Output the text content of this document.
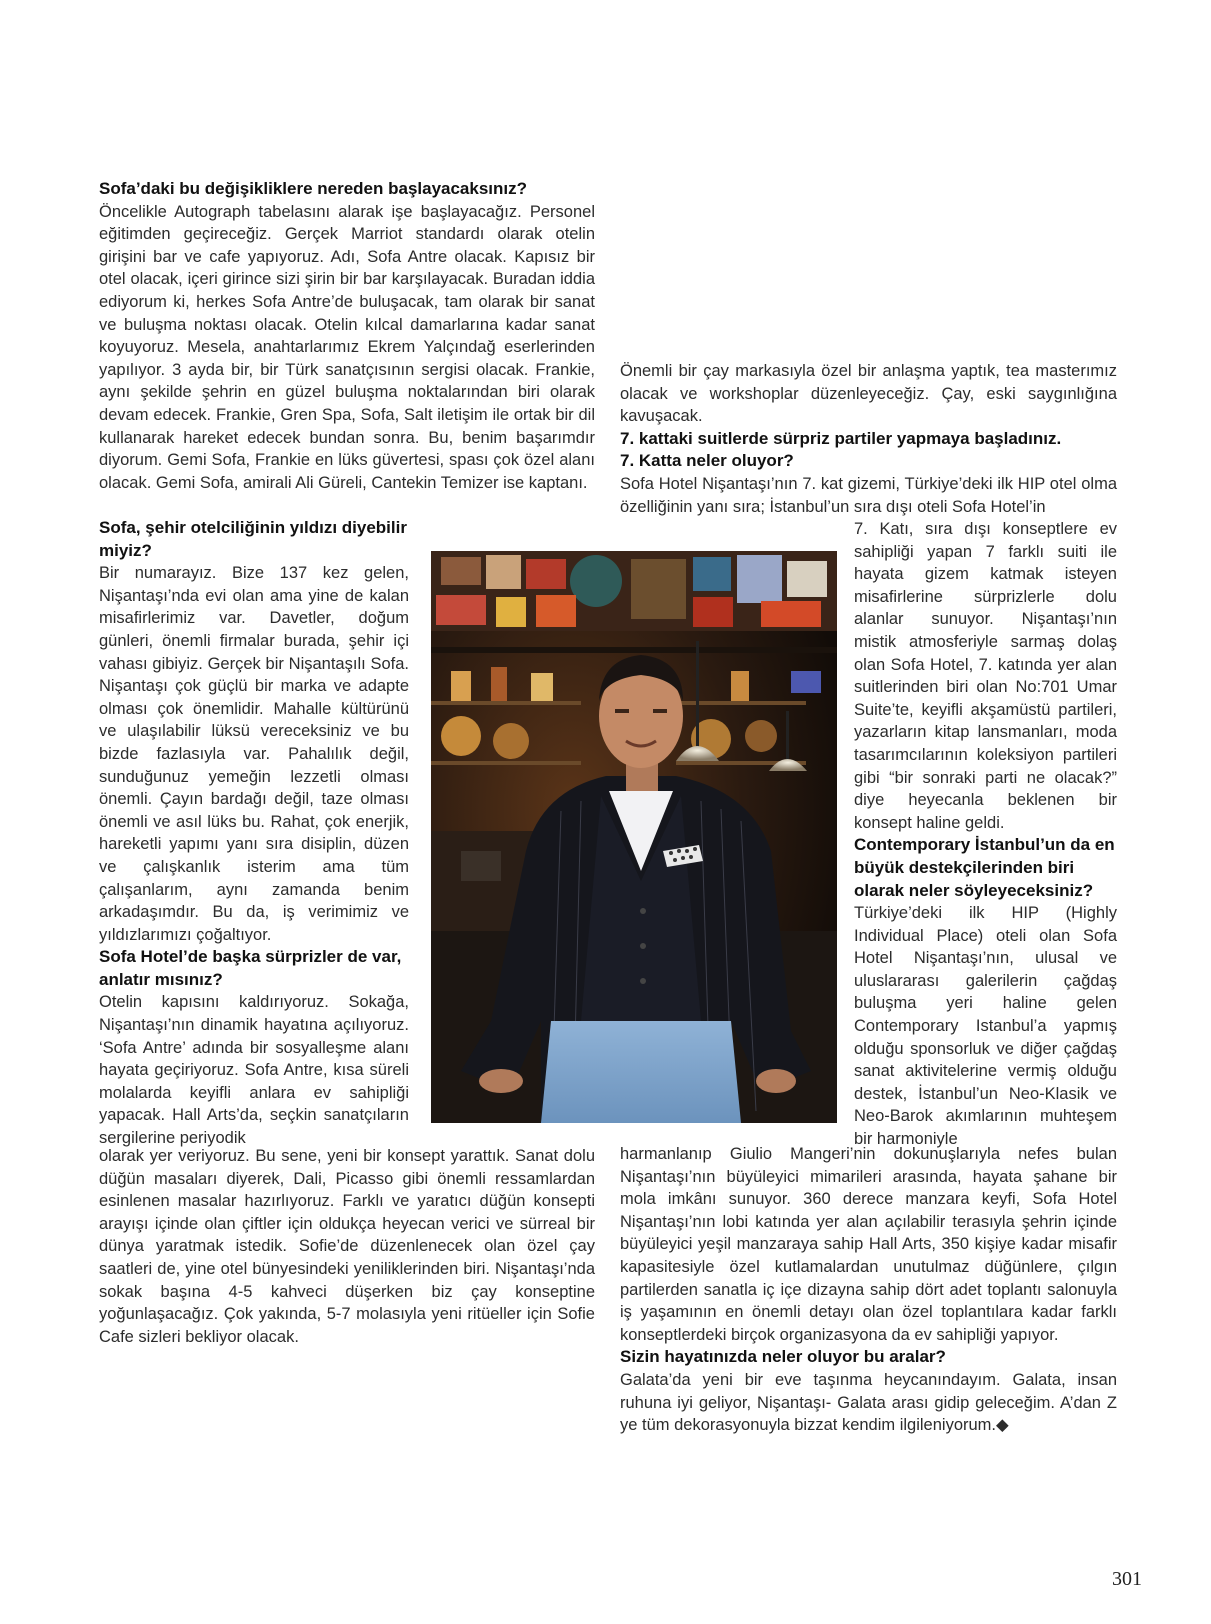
Sofa’daki bu değişikliklere nereden başlayacaksınız?

Öncelikle Autograph tabelasını alarak işe başlayacağız. Personel eğitimden geçireceğiz. Gerçek Marriot standardı olarak otelin girişini bar ve cafe yapıyoruz. Adı, Sofa Antre olacak. Kapısız bir otel olacak, içeri girince sizi şirin bir bar karşılayacak. Buradan iddia ediyorum ki, herkes Sofa Antre’de buluşacak, tam olarak bir sanat ve buluşma noktası olacak. Otelin kılcal damarlarına kadar sanat koyuyoruz. Mesela, anahtarlarımız Ekrem Yalçındağ eserlerinden yapılıyor. 3 ayda bir, bir Türk sanatçısının sergisi olacak. Frankie, aynı şekilde şehrin en güzel buluşma noktalarından biri olarak devam edecek. Frankie, Gren Spa, Sofa, Salt iletişim ile ortak bir dil kullanarak hareket edecek bundan sonra. Bu, benim başarımdır diyorum. Gemi Sofa, Frankie en lüks güvertesi, spası çok özel alanı olacak. Gemi Sofa, amirali Ali Güreli, Cantekin Temizer ise kaptanı.

Sofa, şehir otelciliğinin yıldızı diyebilir miyiz?

Bir numarayız. Bize 137 kez gelen, Nişantaşı’nda evi olan ama yine de kalan misafirlerimiz var. Davetler, doğum günleri, önemli firmalar burada, şehir içi vahası gibiyiz. Gerçek bir Nişantaşılı Sofa. Nişantaşı çok güçlü bir marka ve adapte olması çok önemlidir. Mahalle kültürünü ve ulaşılabilir lüksü vereceksiniz ve bu bizde fazlasıyla var. Pahalılık değil, sunduğunuz yemeğin lezzetli olması önemli. Çayın bardağı değil, taze olması önemli ve asıl lüks bu. Rahat, çok enerjik, hareketli yapımı yanı sıra disiplin, düzen ve çalışkanlık isterim ama tüm çalışanlarım, aynı zamanda benim arkadaşımdır. Bu da, iş verimimiz ve yıldızlarımızı çoğaltıyor.

Sofa Hotel’de başka sürprizler de var, anlatır mısınız?

Otelin kapısını kaldırıyoruz. Sokağa, Nişantaşı’nın dinamik hayatına açılıyoruz. ‘Sofa Antre’ adında bir sosyalleşme alanı hayata geçiriyoruz. Sofa Antre, kısa süreli molalarda keyifli anlara ev sahipliği yapacak. Hall Arts’da, seçkin sanatçıların sergilerine periyodik

olarak yer veriyoruz. Bu sene, yeni bir konsept yarattık. Sanat dolu düğün masaları diyerek, Dali, Picasso gibi önemli ressamlardan esinlenen masalar hazırlıyoruz. Farklı ve yaratıcı düğün konsepti arayışı içinde olan çiftler için oldukça heyecan verici ve sürreal bir dünya yaratmak istedik. Sofie’de düzenlenecek olan özel çay saatleri de, yine otel bünyesindeki yeniliklerinden biri. Nişantaşı’nda sokak başına 4-5 kahveci düşerken biz çay konseptine yoğunlaşacağız. Çok yakında, 5-7 molasıyla yeni ritüeller için Sofie Cafe sizleri bekliyor olacak.

Önemli bir çay markasıyla özel bir anlaşma yaptık, tea masterımız olacak ve workshoplar düzenleyeceğiz. Çay, eski saygınlığına kavuşacak.

7. kattaki suitlerde sürpriz partiler yapmaya başladınız.
7. Katta neler oluyor?

Sofa Hotel Nişantaşı’nın 7. kat gizemi, Türkiye’deki ilk HIP otel olma özelliğinin yanı sıra; İstanbul’un sıra dışı oteli Sofa Hotel’in

7. Katı, sıra dışı konseptlere ev sahipliği yapan 7 farklı suiti ile hayata gizem katmak isteyen misafirlerine sürprizlerle dolu alanlar sunuyor. Nişantaşı’nın mistik atmosferiyle sarmaş dolaş olan Sofa Hotel, 7. katında yer alan suitlerinden biri olan No:701 Umar Suite’te, keyifli akşamüstü partileri, yazarların kitap lansmanları, moda tasarımcılarının koleksiyon partileri gibi “bir sonraki parti ne olacak?” diye heyecanla beklenen bir konsept haline geldi.

Contemporary İstanbul’un da en büyük destekçilerinden biri olarak neler söyleyeceksiniz?

Türkiye’deki ilk HIP (Highly Individual Place) oteli olan Sofa Hotel Nişantaşı’nın, ulusal ve uluslararası galerilerin çağdaş buluşma yeri haline gelen Contemporary Istanbul’a yapmış olduğu sponsorluk ve diğer çağdaş sanat aktivitelerine vermiş olduğu destek, İstanbul’un Neo-Klasik ve Neo-Barok akımlarının muhteşem bir harmoniyle

harmanlanıp Giulio Mangeri’nin dokunuşlarıyla nefes bulan Nişantaşı’nın büyüleyici mimarileri arasında, hayata şahane bir mola imkânı sunuyor. 360 derece manzara keyfi, Sofa Hotel Nişantaşı’nın lobi katında yer alan açılabilir terasıyla şehrin içinde büyüleyici yeşil manzaraya sahip Hall Arts, 350 kişiye kadar misafir kapasitesiyle özel kutlamalardan unutulmaz düğünlere, çılgın partilerden sanatla iç içe dizayna sahip dört adet toplantı salonuyla iş yaşamının en önemli detayı olan özel toplantılara kadar farklı konseptlerdeki birçok organizasyona da ev sahipliği yapıyor.

Sizin hayatınızda neler oluyor bu aralar?

Galata’da yeni bir eve taşınma heycanındayım. Galata, insan ruhuna iyi geliyor, Nişantaşı- Galata arası gidip geleceğim. A’dan Z ye tüm dekorasyonuyla bizzat kendim ilgileniyorum.◆

301
